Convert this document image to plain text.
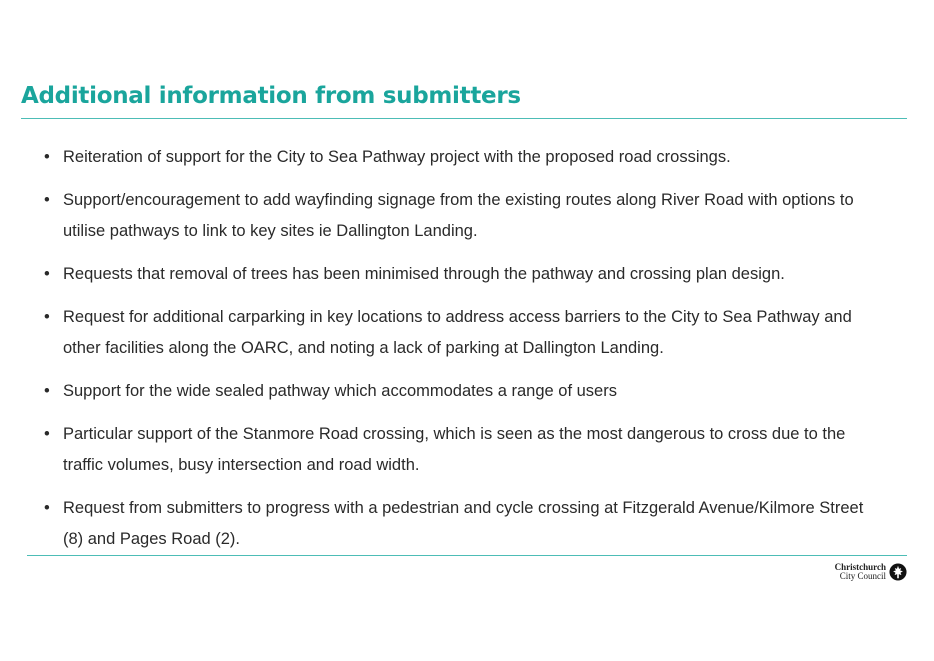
Additional information from submitters
• Reiteration of support for the City to Sea Pathway project with the proposed road crossings.
• Support/encouragement to add wayfinding signage from the existing routes along River Road with options to utilise pathways to link to key sites ie Dallington Landing.
• Requests that removal of trees has been minimised through the pathway and crossing plan design.
• Request for additional carparking in key locations to address access barriers to the City to Sea Pathway and other facilities along the OARC, and noting a lack of parking at Dallington Landing.
• Support for the wide sealed pathway which accommodates a range of users
• Particular support of the Stanmore Road crossing, which is seen as the most dangerous to cross due to the traffic volumes, busy intersection and road width.
• Request from submitters to progress with a pedestrian and cycle crossing at Fitzgerald Avenue/Kilmore Street (8) and Pages Road (2).
Christchurch
City Council
